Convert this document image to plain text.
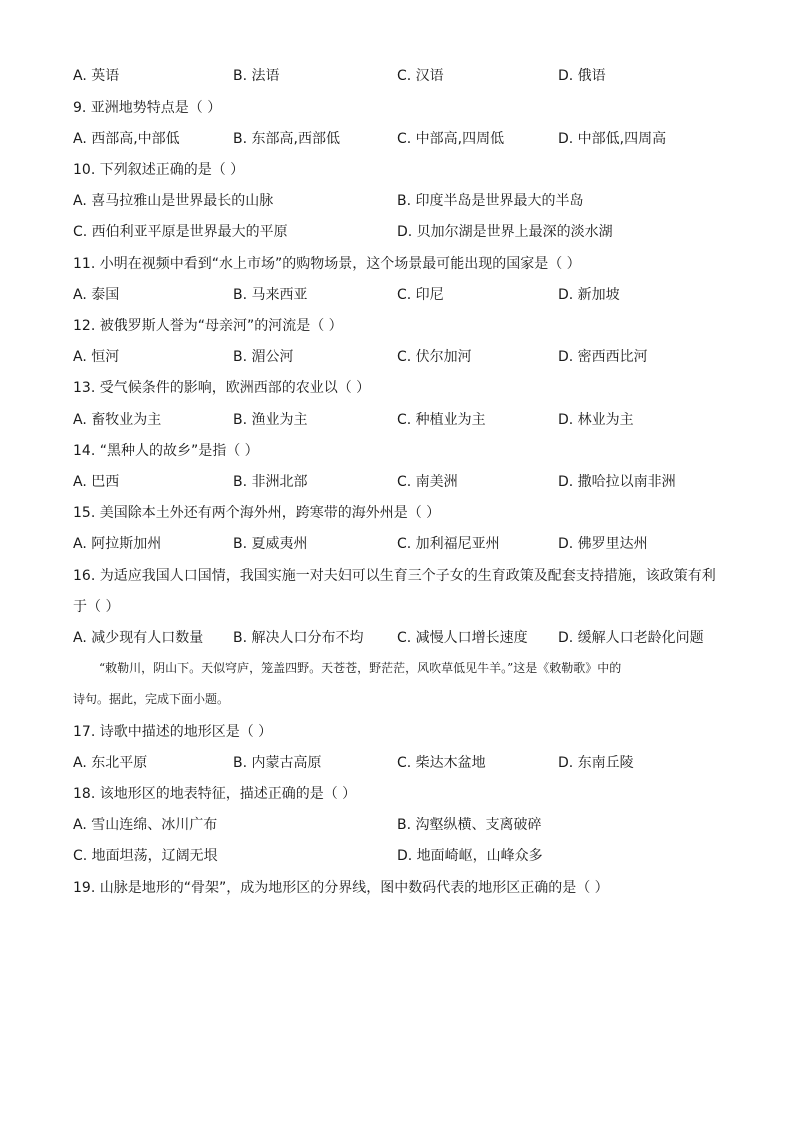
A. 英语	B. 法语	C. 汉语	D. 俄语
9. 亚洲地势特点是（ ）
A. 西部高,中部低	B. 东部高,西部低	C. 中部高,四周低	D. 中部低,四周高
10. 下列叙述正确的是（ ）
A. 喜马拉雅山是世界最长的山脉	B. 印度半岛是世界最大的半岛
C. 西伯利亚平原是世界最大的平原	D. 贝加尔湖是世界上最深的淡水湖
11. 小明在视频中看到“水上市场”的购物场景，这个场景最可能出现的国家是（ ）
A. 泰国	B. 马来西亚	C. 印尼	D. 新加坡
12. 被俄罗斯人誉为“母亲河”的河流是（ ）
A. 恒河	B. 湄公河	C. 伏尔加河	D. 密西西比河
13. 受气候条件的影响，欧洲西部的农业以（ ）
A. 畜牧业为主	B. 渔业为主	C. 种植业为主	D. 林业为主
14. “黑种人的故乡”是指（ ）
A. 巴西	B. 非洲北部	C. 南美洲	D. 撒哈拉以南非洲
15. 美国除本土外还有两个海外州，跨寒带的海外州是（ ）
A. 阿拉斯加州	B. 夏威夷州	C. 加利福尼亚州	D. 佛罗里达州
16. 为适应我国人口国情，我国实施一对夫妇可以生育三个子女的生育政策及配套支持措施，该政策有利
于（ ）
A. 减少现有人口数量 B. 解决人口分布不均 C. 减慢人口增长速度 D. 缓解人口老龄化问题
“敕勒川，阴山下。天似穹庐，笼盖四野。天苍苍，野茫茫，风吹草低见牛羊。”这是《敕勒歌》中的
诗句。据此，完成下面小题。
17. 诗歌中描述的地形区是（ ）
A. 东北平原	B. 内蒙古高原	C. 柴达木盆地	D. 东南丘陵
18. 该地形区的地表特征，描述正确的是（ ）
A. 雪山连绵、冰川广布	B. 沟壑纵横、支离破碎
C. 地面坦荡，辽阔无垠	D. 地面崎岖，山峰众多
19. 山脉是地形的“骨架”，成为地形区的分界线，图中数码代表的地形区正确的是（ ）
